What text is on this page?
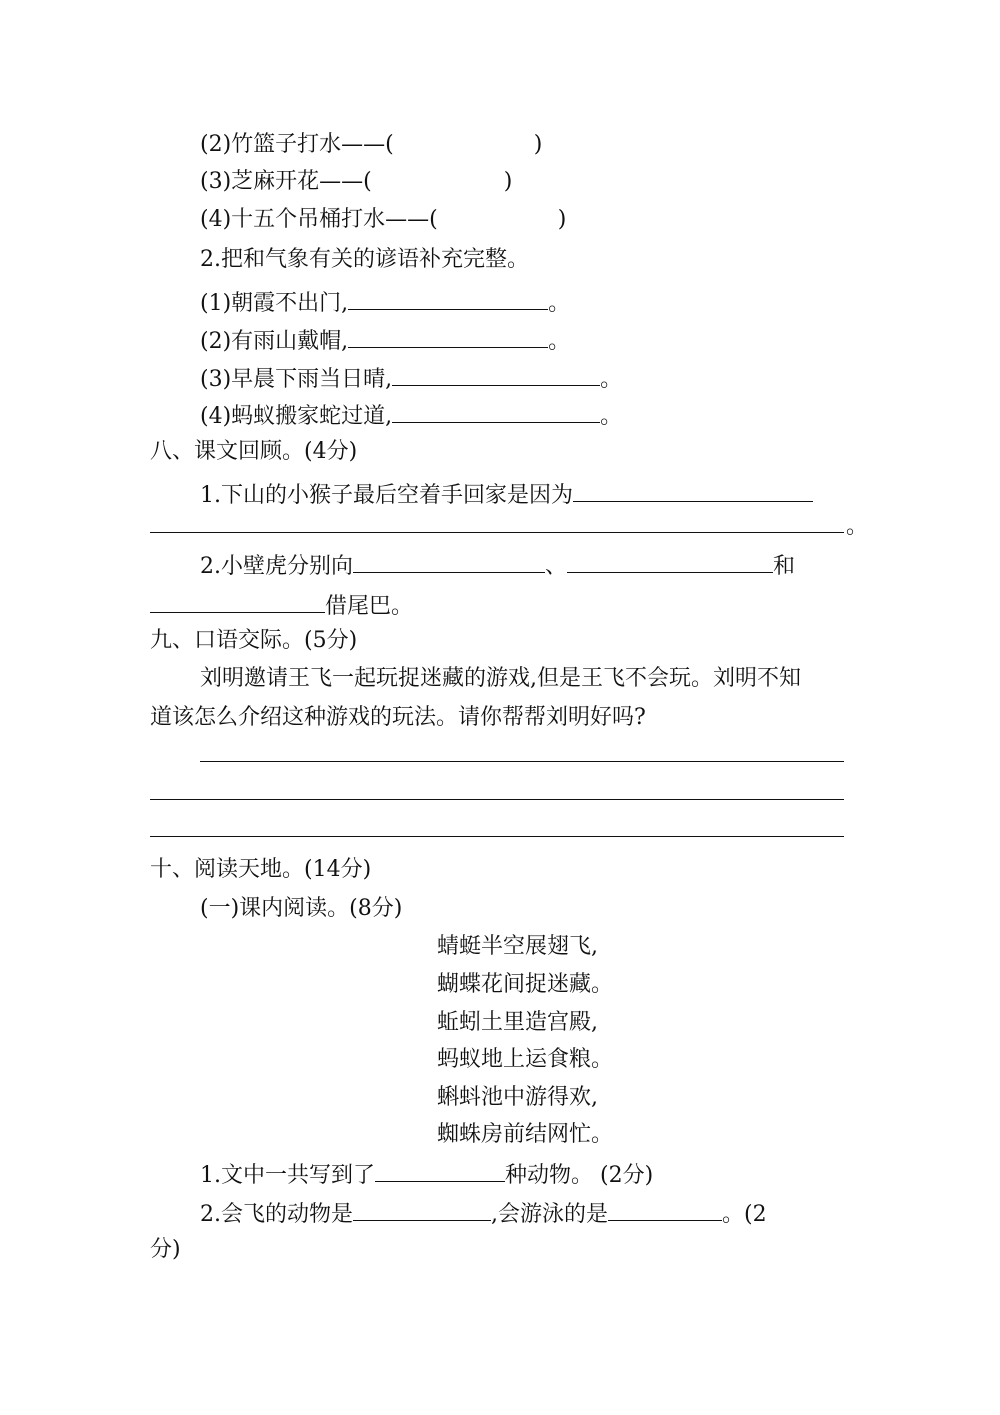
(2)竹篮子打水——(	)
(3)芝麻开花——(	)
(4)十五个吊桶打水——(	)
2.把和气象有关的谚语补充完整。
(1)朝霞不出门,	。
(2)有雨山戴帽,	。
(3)早晨下雨当日晴,	。
(4)蚂蚁搬家蛇过道,	。
八、课文回顾。(4分)
1.下山的小猴子最后空着手回家是因为
。
2.小壁虎分别向	、	和
借尾巴。
九、口语交际。(5分)
刘明邀请王飞一起玩捉迷藏的游戏,但是王飞不会玩。刘明不知
道该怎么介绍这种游戏的玩法。请你帮帮刘明好吗?
十、阅读天地。(14分)
(一)课内阅读。(8分)
蜻蜓半空展翅飞,
蝴蝶花间捉迷藏。
蚯蚓土里造宫殿,
蚂蚁地上运食粮。
蝌蚪池中游得欢,
蜘蛛房前结网忙。
1.文中一共写到了	种动物。 (2分)
2.会飞的动物是	,会游泳的是	。(2
分)
